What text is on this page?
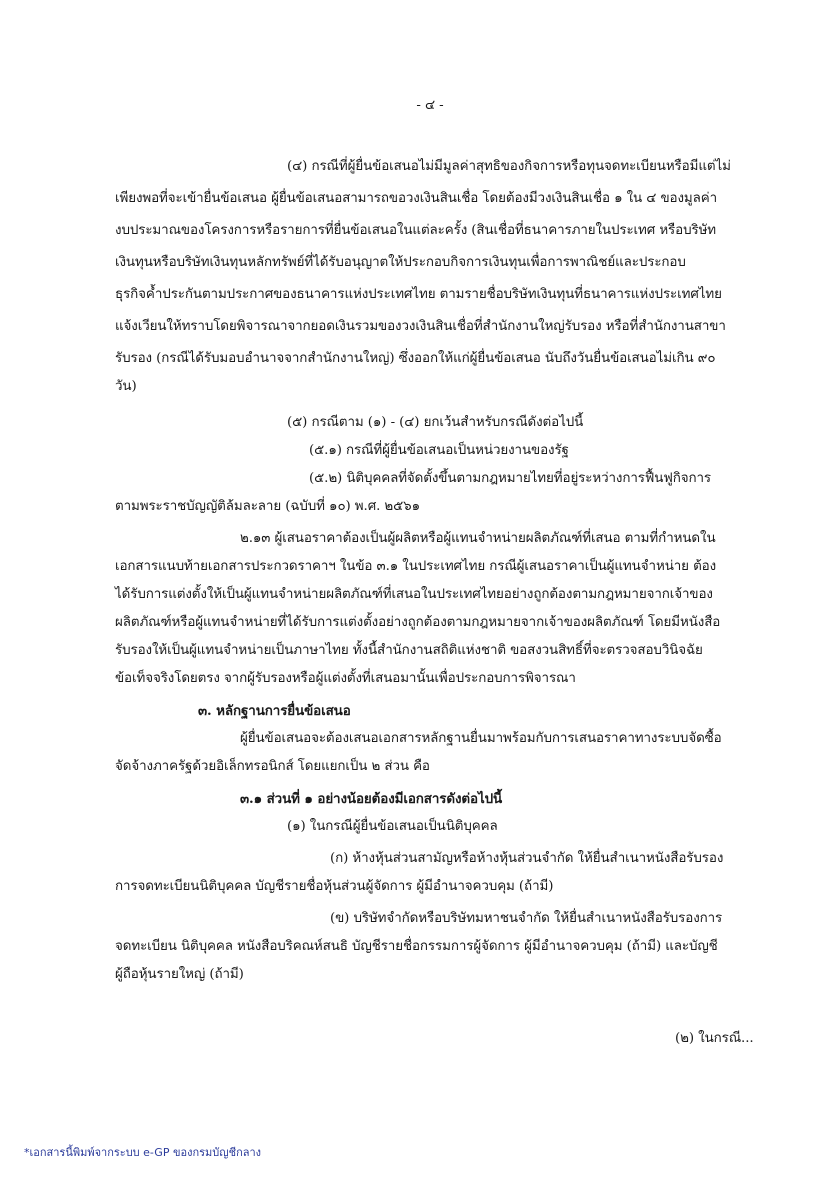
- ๔ -
(๔) กรณีที่ผู้ยื่นข้อเสนอไม่มีมูลค่าสุทธิของกิจการหรือทุนจดทะเบียนหรือมีแต่ไม่
เพียงพอที่จะเข้ายื่นข้อเสนอ ผู้ยื่นข้อเสนอสามารถขอวงเงินสินเชื่อ โดยต้องมีวงเงินสินเชื่อ ๑ ใน ๔ ของมูลค่า
งบประมาณของโครงการหรือรายการที่ยื่นข้อเสนอในแต่ละครั้ง (สินเชื่อที่ธนาคารภายในประเทศ หรือบริษัท
เงินทุนหรือบริษัทเงินทุนหลักทรัพย์ที่ได้รับอนุญาตให้ประกอบกิจการเงินทุนเพื่อการพาณิชย์และประกอบ
ธุรกิจค้ำประกันตามประกาศของธนาคารแห่งประเทศไทย ตามรายชื่อบริษัทเงินทุนที่ธนาคารแห่งประเทศไทย
แจ้งเวียนให้ทราบโดยพิจารณาจากยอดเงินรวมของวงเงินสินเชื่อที่สำนักงานใหญ่รับรอง หรือที่สำนักงานสาขา
รับรอง (กรณีได้รับมอบอำนาจจากสำนักงานใหญ่) ซึ่งออกให้แก่ผู้ยื่นข้อเสนอ นับถึงวันยื่นข้อเสนอไม่เกิน ๙๐
วัน)
(๕) กรณีตาม (๑) - (๔) ยกเว้นสำหรับกรณีดังต่อไปนี้
(๕.๑) กรณีที่ผู้ยื่นข้อเสนอเป็นหน่วยงานของรัฐ
(๕.๒) นิติบุคคลที่จัดตั้งขึ้นตามกฎหมายไทยที่อยู่ระหว่างการฟื้นฟูกิจการ
ตามพระราชบัญญัติล้มละลาย (ฉบับที่ ๑๐) พ.ศ. ๒๕๖๑
๒.๑๓ ผู้เสนอราคาต้องเป็นผู้ผลิตหรือผู้แทนจำหน่ายผลิตภัณฑ์ที่เสนอ ตามที่กำหนดใน
เอกสารแนบท้ายเอกสารประกวดราคาฯ ในข้อ ๓.๑ ในประเทศไทย กรณีผู้เสนอราคาเป็นผู้แทนจำหน่าย ต้อง
ได้รับการแต่งตั้งให้เป็นผู้แทนจำหน่ายผลิตภัณฑ์ที่เสนอในประเทศไทยอย่างถูกต้องตามกฎหมายจากเจ้าของ
ผลิตภัณฑ์หรือผู้แทนจำหน่ายที่ได้รับการแต่งตั้งอย่างถูกต้องตามกฎหมายจากเจ้าของผลิตภัณฑ์ โดยมีหนังสือ
รับรองให้เป็นผู้แทนจำหน่ายเป็นภาษาไทย ทั้งนี้สำนักงานสถิติแห่งชาติ ขอสงวนสิทธิ์ที่จะตรวจสอบวินิจฉัย
ข้อเท็จจริงโดยตรง จากผู้รับรองหรือผู้แต่งตั้งที่เสนอมานั้นเพื่อประกอบการพิจารณา
๓. หลักฐานการยื่นข้อเสนอ
ผู้ยื่นข้อเสนอจะต้องเสนอเอกสารหลักฐานยื่นมาพร้อมกับการเสนอราคาทางระบบจัดซื้อ
จัดจ้างภาครัฐด้วยอิเล็กทรอนิกส์ โดยแยกเป็น ๒ ส่วน คือ
๓.๑ ส่วนที่ ๑ อย่างน้อยต้องมีเอกสารดังต่อไปนี้
(๑) ในกรณีผู้ยื่นข้อเสนอเป็นนิติบุคคล
(ก) ห้างหุ้นส่วนสามัญหรือห้างหุ้นส่วนจำกัด ให้ยื่นสำเนาหนังสือรับรอง
การจดทะเบียนนิติบุคคล บัญชีรายชื่อหุ้นส่วนผู้จัดการ ผู้มีอำนาจควบคุม (ถ้ามี)
(ข) บริษัทจำกัดหรือบริษัทมหาชนจำกัด ให้ยื่นสำเนาหนังสือรับรองการ
จดทะเบียน นิติบุคคล หนังสือบริคณห์สนธิ บัญชีรายชื่อกรรมการผู้จัดการ ผู้มีอำนาจควบคุม (ถ้ามี) และบัญชี
ผู้ถือหุ้นรายใหญ่ (ถ้ามี)
(๒) ในกรณี...
*เอกสารนี้พิมพ์จากระบบ e-GP ของกรมบัญชีกลาง
